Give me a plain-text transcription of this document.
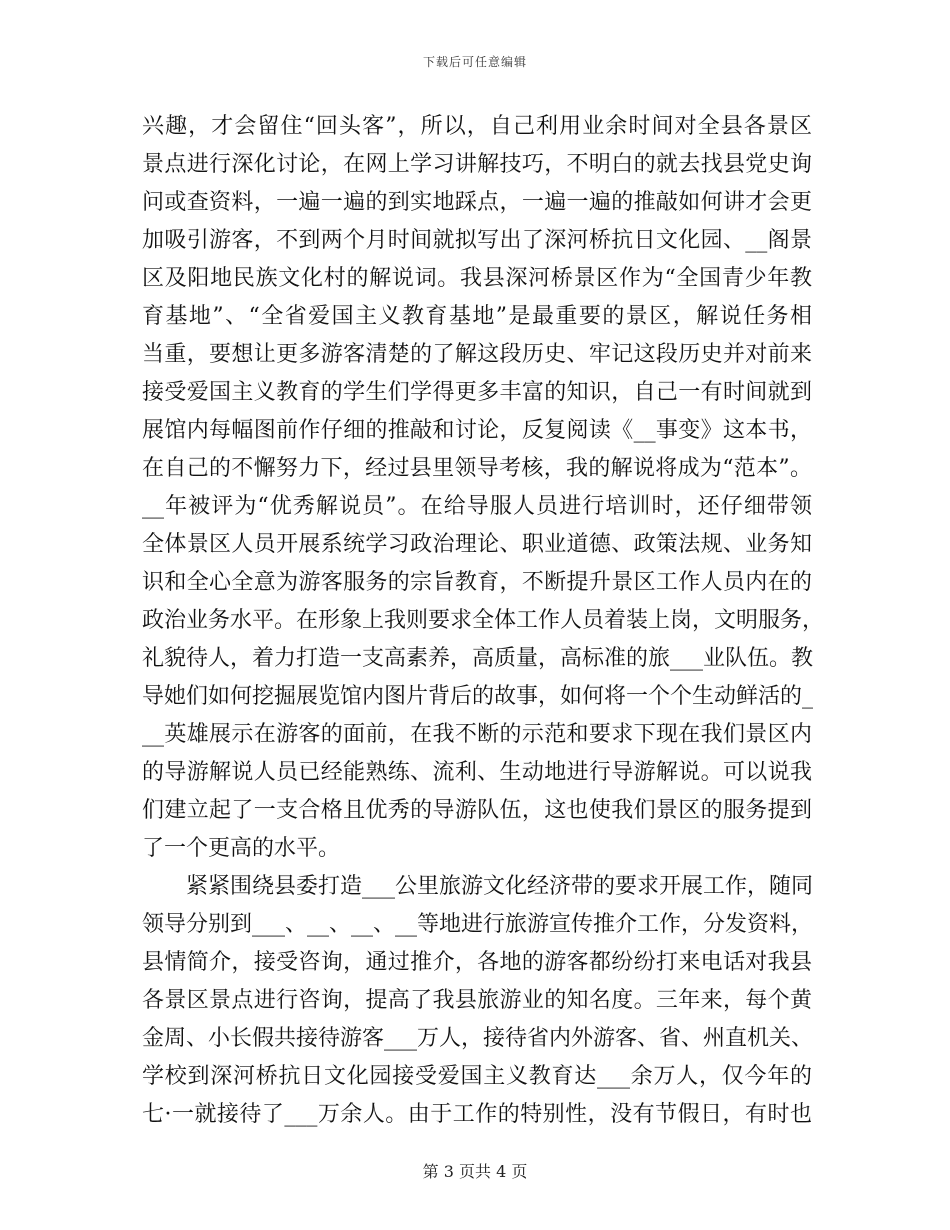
下载后可任意编辑
兴趣，才会留住“回头客”，所以，自己利用业余时间对全县各景区
景点进行深化讨论，在网上学习讲解技巧，不明白的就去找县党史询
问或查资料，一遍一遍的到实地踩点，一遍一遍的推敲如何讲才会更
加吸引游客，不到两个月时间就拟写出了深河桥抗日文化园、__阁景
区及阳地民族文化村的解说词。我县深河桥景区作为“全国青少年教
育基地”、“全省爱国主义教育基地”是最重要的景区，解说任务相
当重，要想让更多游客清楚的了解这段历史、牢记这段历史并对前来
接受爱国主义教育的学生们学得更多丰富的知识，自己一有时间就到
展馆内每幅图前作仔细的推敲和讨论，反复阅读《__事变》这本书，
在自己的不懈努力下，经过县里领导考核，我的解说将成为“范本”。
__年被评为“优秀解说员”。在给导服人员进行培训时，还仔细带领
全体景区人员开展系统学习政治理论、职业道德、政策法规、业务知
识和全心全意为游客服务的宗旨教育，不断提升景区工作人员内在的
政治业务水平。在形象上我则要求全体工作人员着装上岗，文明服务，
礼貌待人，着力打造一支高素养，高质量，高标准的旅___业队伍。教
导她们如何挖掘展览馆内图片背后的故事，如何将一个个生动鲜活的_
__英雄展示在游客的面前，在我不断的示范和要求下现在我们景区内
的导游解说人员已经能熟练、流利、生动地进行导游解说。可以说我
们建立起了一支合格且优秀的导游队伍，这也使我们景区的服务提到
了一个更高的水平。
紧紧围绕县委打造___公里旅游文化经济带的要求开展工作，随同
领导分别到___、__、__、__等地进行旅游宣传推介工作，分发资料，
县情简介，接受咨询，通过推介，各地的游客都纷纷打来电话对我县
各景区景点进行咨询，提高了我县旅游业的知名度。三年来，每个黄
金周、小长假共接待游客___万人，接待省内外游客、省、州直机关、
学校到深河桥抗日文化园接受爱国主义教育达___余万人，仅今年的
七·一就接待了___万余人。由于工作的特别性，没有节假日，有时也
第 3 页共 4 页
